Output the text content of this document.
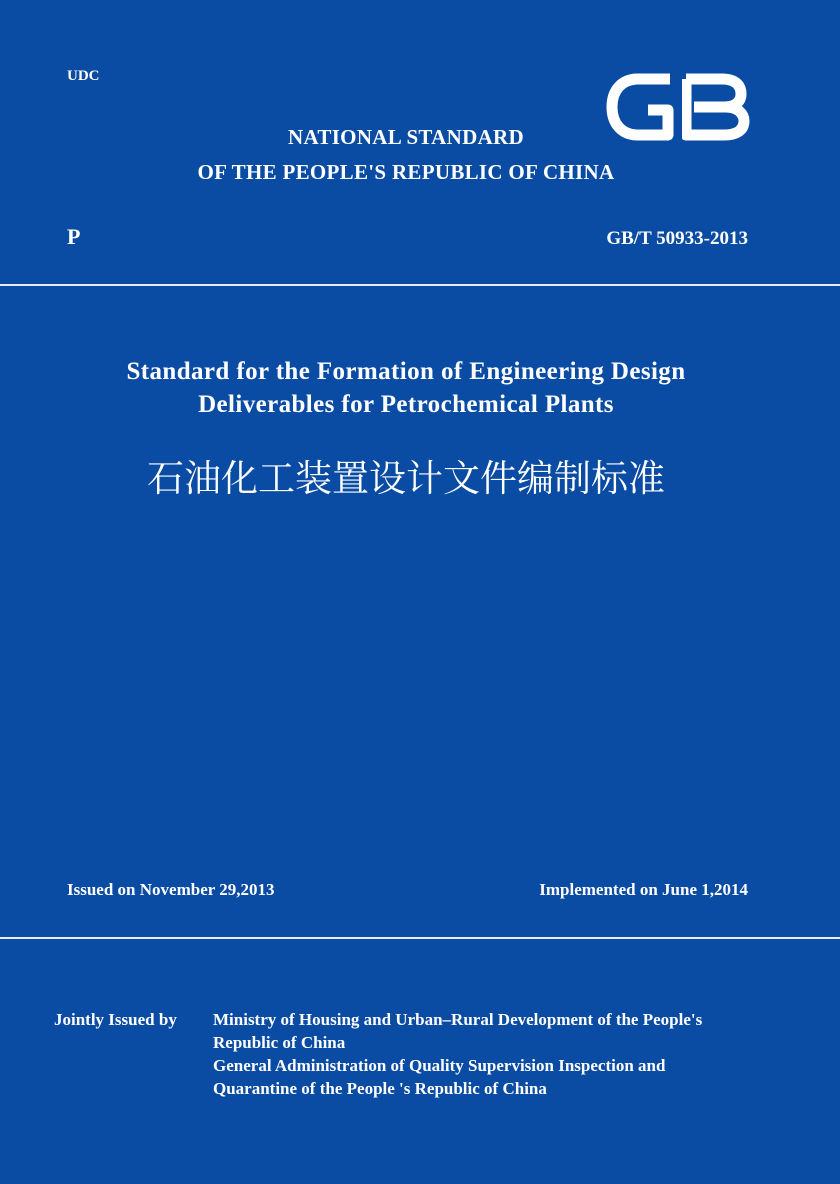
UDC
NATIONAL STANDARD
OF THE PEOPLE'S REPUBLIC OF CHINA
P	GB/T 50933-2013
Standard for the Formation of Engineering Design
Deliverables for Petrochemical Plants
石油化工装置设计文件编制标准
Issued on November 29,2013	Implemented on June 1,2014
Jointly Issued by Ministry of Housing and Urban–Rural Development of the People's
Republic of China
General Administration of Quality Supervision Inspection and
Quarantine of the People 's Republic of China
